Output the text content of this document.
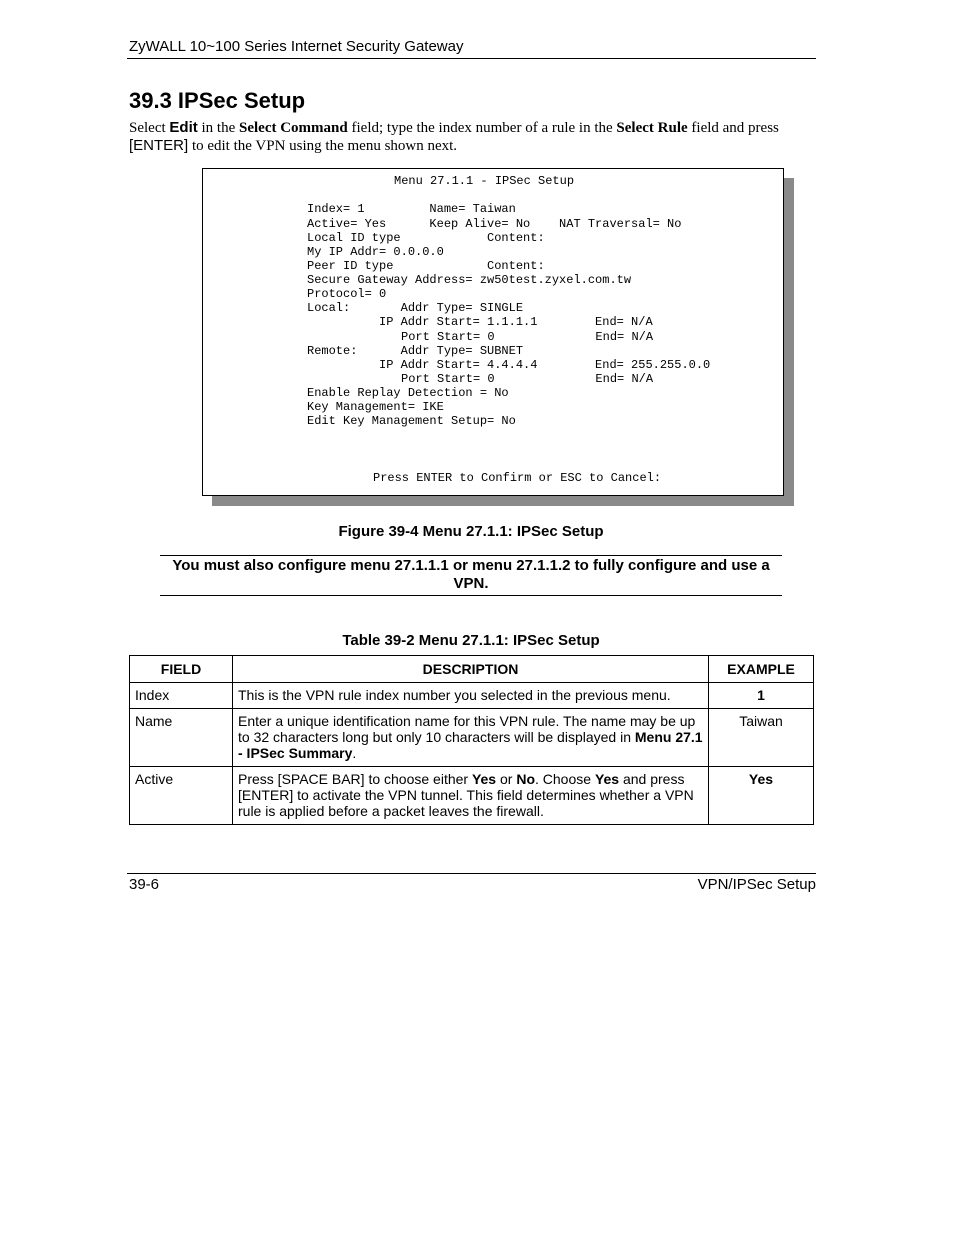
ZyWALL 10~100 Series Internet Security Gateway
39.3 IPSec Setup
Select Edit in the Select Command field; type the index number of a rule in the Select Rule field and press [ENTER] to edit the VPN using the menu shown next.
Menu 27.1.1 - IPSec Setup
Index= 1         Name= Taiwan
Active= Yes      Keep Alive= No    NAT Traversal= No
Local ID type            Content:
My IP Addr= 0.0.0.0
Peer ID type             Content:
Secure Gateway Address= zw50test.zyxel.com.tw
Protocol= 0
Local:       Addr Type= SINGLE
IP Addr Start= 1.1.1.1        End= N/A
Port Start= 0              End= N/A
Remote:      Addr Type= SUBNET
IP Addr Start= 4.4.4.4        End= 255.255.0.0
Port Start= 0              End= N/A
Enable Replay Detection = No
Key Management= IKE
Edit Key Management Setup= No
Press ENTER to Confirm or ESC to Cancel:
Figure 39-4 Menu 27.1.1: IPSec Setup
You must also configure menu 27.1.1.1 or menu 27.1.1.2 to fully configure and use a VPN.
Table 39-2 Menu 27.1.1: IPSec Setup
FIELD	DESCRIPTION	EXAMPLE
Index	This is the VPN rule index number you selected in the previous menu.	1
Name	Enter a unique identification name for this VPN rule. The name may be up to 32 characters long but only 10 characters will be displayed in Menu 27.1 - IPSec Summary.	Taiwan
Active	Press [SPACE BAR] to choose either Yes or No. Choose Yes and press [ENTER] to activate the VPN tunnel. This field determines whether a VPN rule is applied before a packet leaves the firewall.	Yes
39-6	VPN/IPSec Setup
